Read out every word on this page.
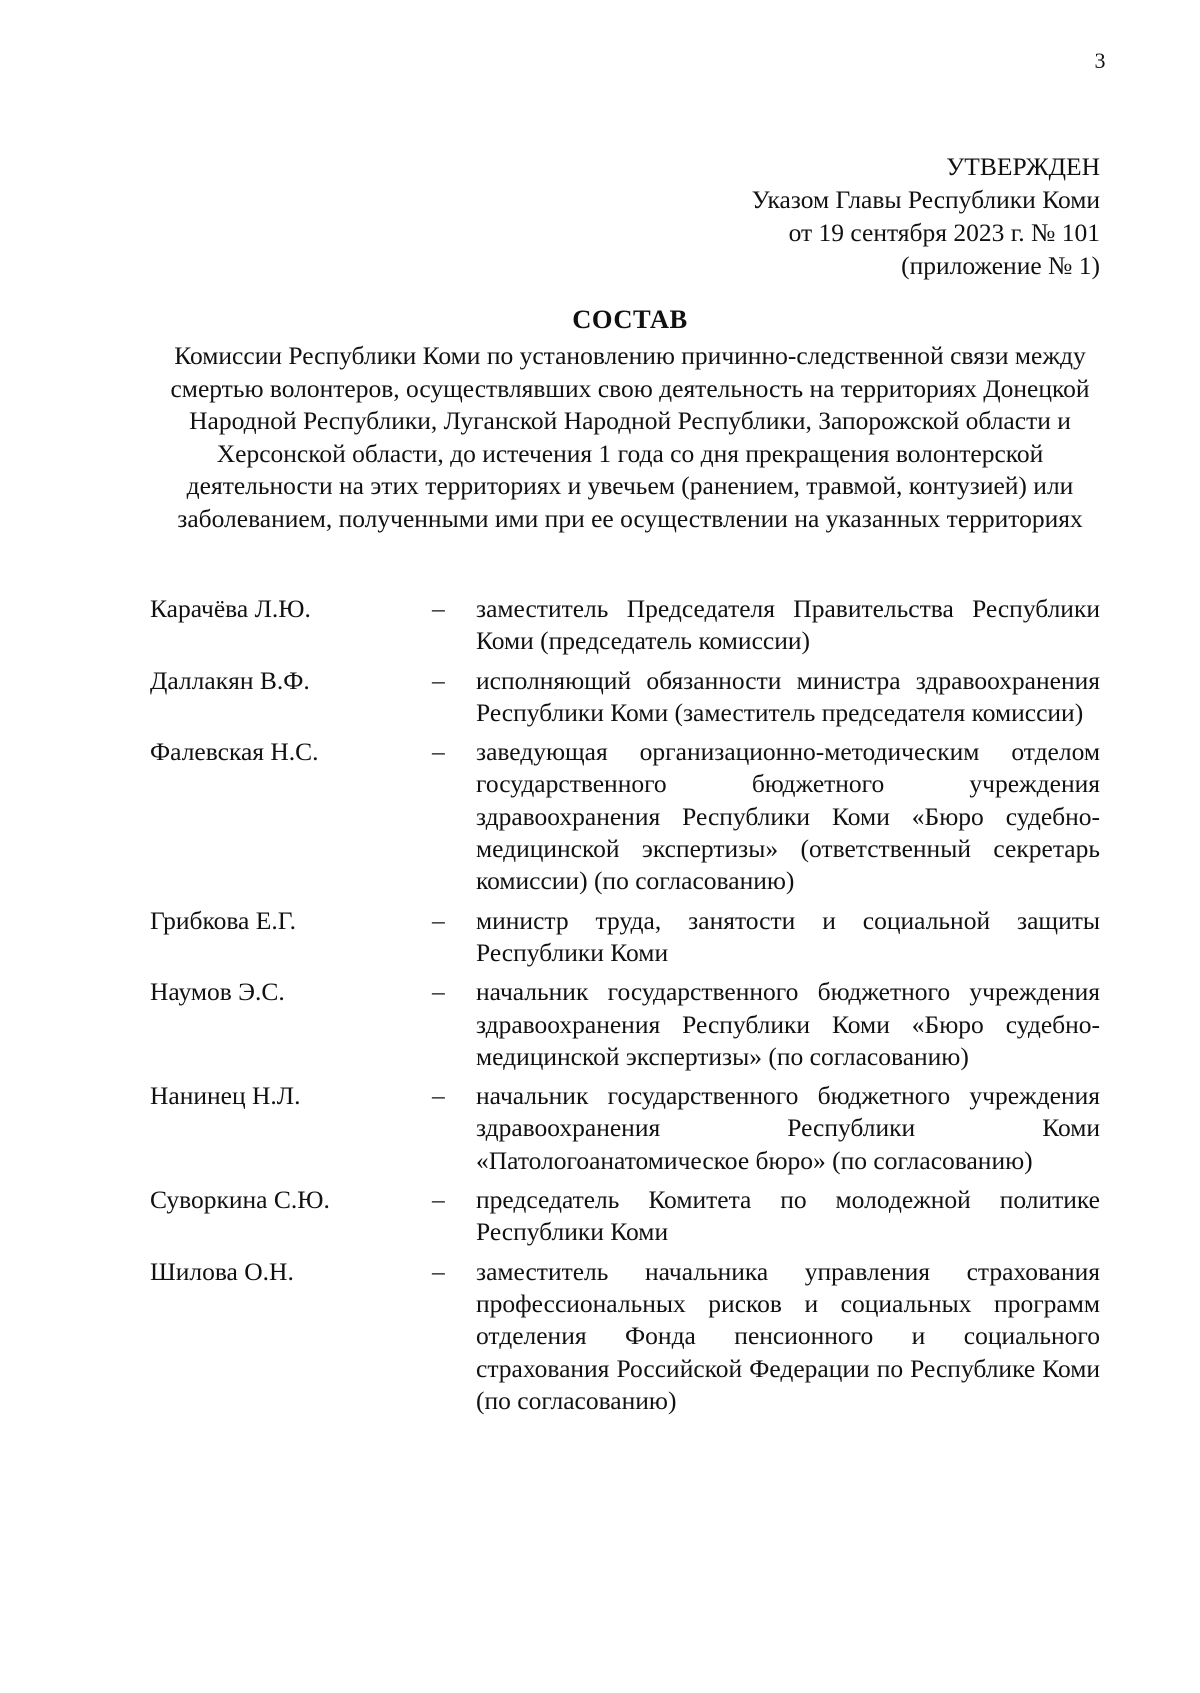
3
УТВЕРЖДЕН
Указом Главы Республики Коми
от 19 сентября 2023 г. № 101
(приложение № 1)
СОСТАВ
Комиссии Республики Коми по установлению причинно-следственной связи между смертью волонтеров, осуществлявших свою деятельность на территориях Донецкой Народной Республики, Луганской Народной Республики, Запорожской области и Херсонской области, до истечения 1 года со дня прекращения волонтерской деятельности на этих территориях и увечьем (ранением, травмой, контузией) или заболеванием, полученными ими при ее осуществлении на указанных территориях
Карачёва Л.Ю.	–	заместитель Председателя Правительства Республики Коми (председатель комиссии)
Даллакян В.Ф.	–	исполняющий обязанности министра здравоохранения Республики Коми (заместитель председателя комиссии)
Фалевская Н.С.	–	заведующая организационно-методическим отделом государственного бюджетного учреждения здравоохранения Республики Коми «Бюро судебно-медицинской экспертизы» (ответственный секретарь комиссии) (по согласованию)
Грибкова Е.Г.	–	министр труда, занятости и социальной защиты Республики Коми
Наумов Э.С.	–	начальник государственного бюджетного учреждения здравоохранения Республики Коми «Бюро судебно-медицинской экспертизы» (по согласованию)
Нанинец Н.Л.	–	начальник государственного бюджетного учреждения здравоохранения Республики Коми «Патологоанатомическое бюро» (по согласованию)
Суворкина С.Ю.	–	председатель Комитета по молодежной политике Республики Коми
Шилова О.Н.	–	заместитель начальника управления страхования профессиональных рисков и социальных программ отделения Фонда пенсионного и социального страхования Российской Федерации по Республике Коми (по согласованию)
